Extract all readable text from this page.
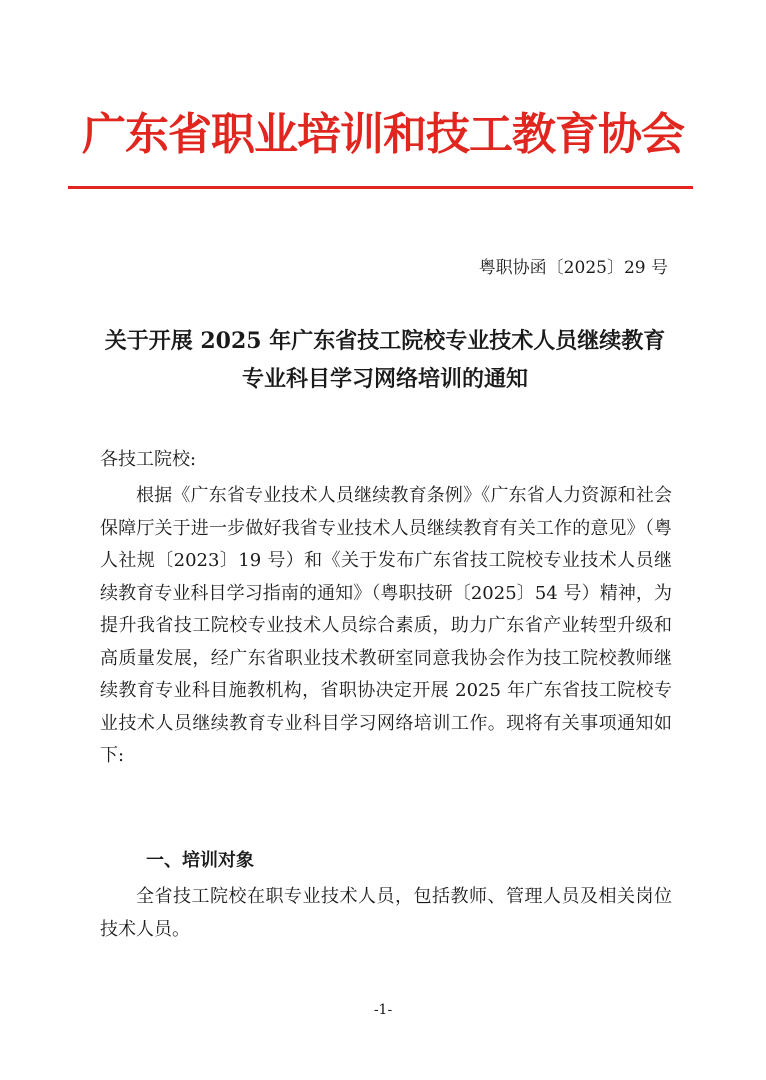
广东省职业培训和技工教育协会
粤职协函〔2025〕29 号
关于开展 2025 年广东省技工院校专业技术人员继续教育
专业科目学习网络培训的通知
各技工院校:

根据《广东省专业技术人员继续教育条例》《广东省人力资源和社会保障厅关于进一步做好我省专业技术人员继续教育有关工作的意见》（粤人社规〔2023〕19 号）和《关于发布广东省技工院校专业技术人员继续教育专业科目学习指南的通知》（粤职技研〔2025〕54 号）精神，为提升我省技工院校专业技术人员综合素质，助力广东省产业转型升级和高质量发展，经广东省职业技术教研室同意我协会作为技工院校教师继续教育专业科目施教机构，省职协决定开展 2025 年广东省技工院校专业技术人员继续教育专业科目学习网络培训工作。现将有关事项通知如下:

一、培训对象

全省技工院校在职专业技术人员，包括教师、管理人员及相关岗位技术人员。

-1-
